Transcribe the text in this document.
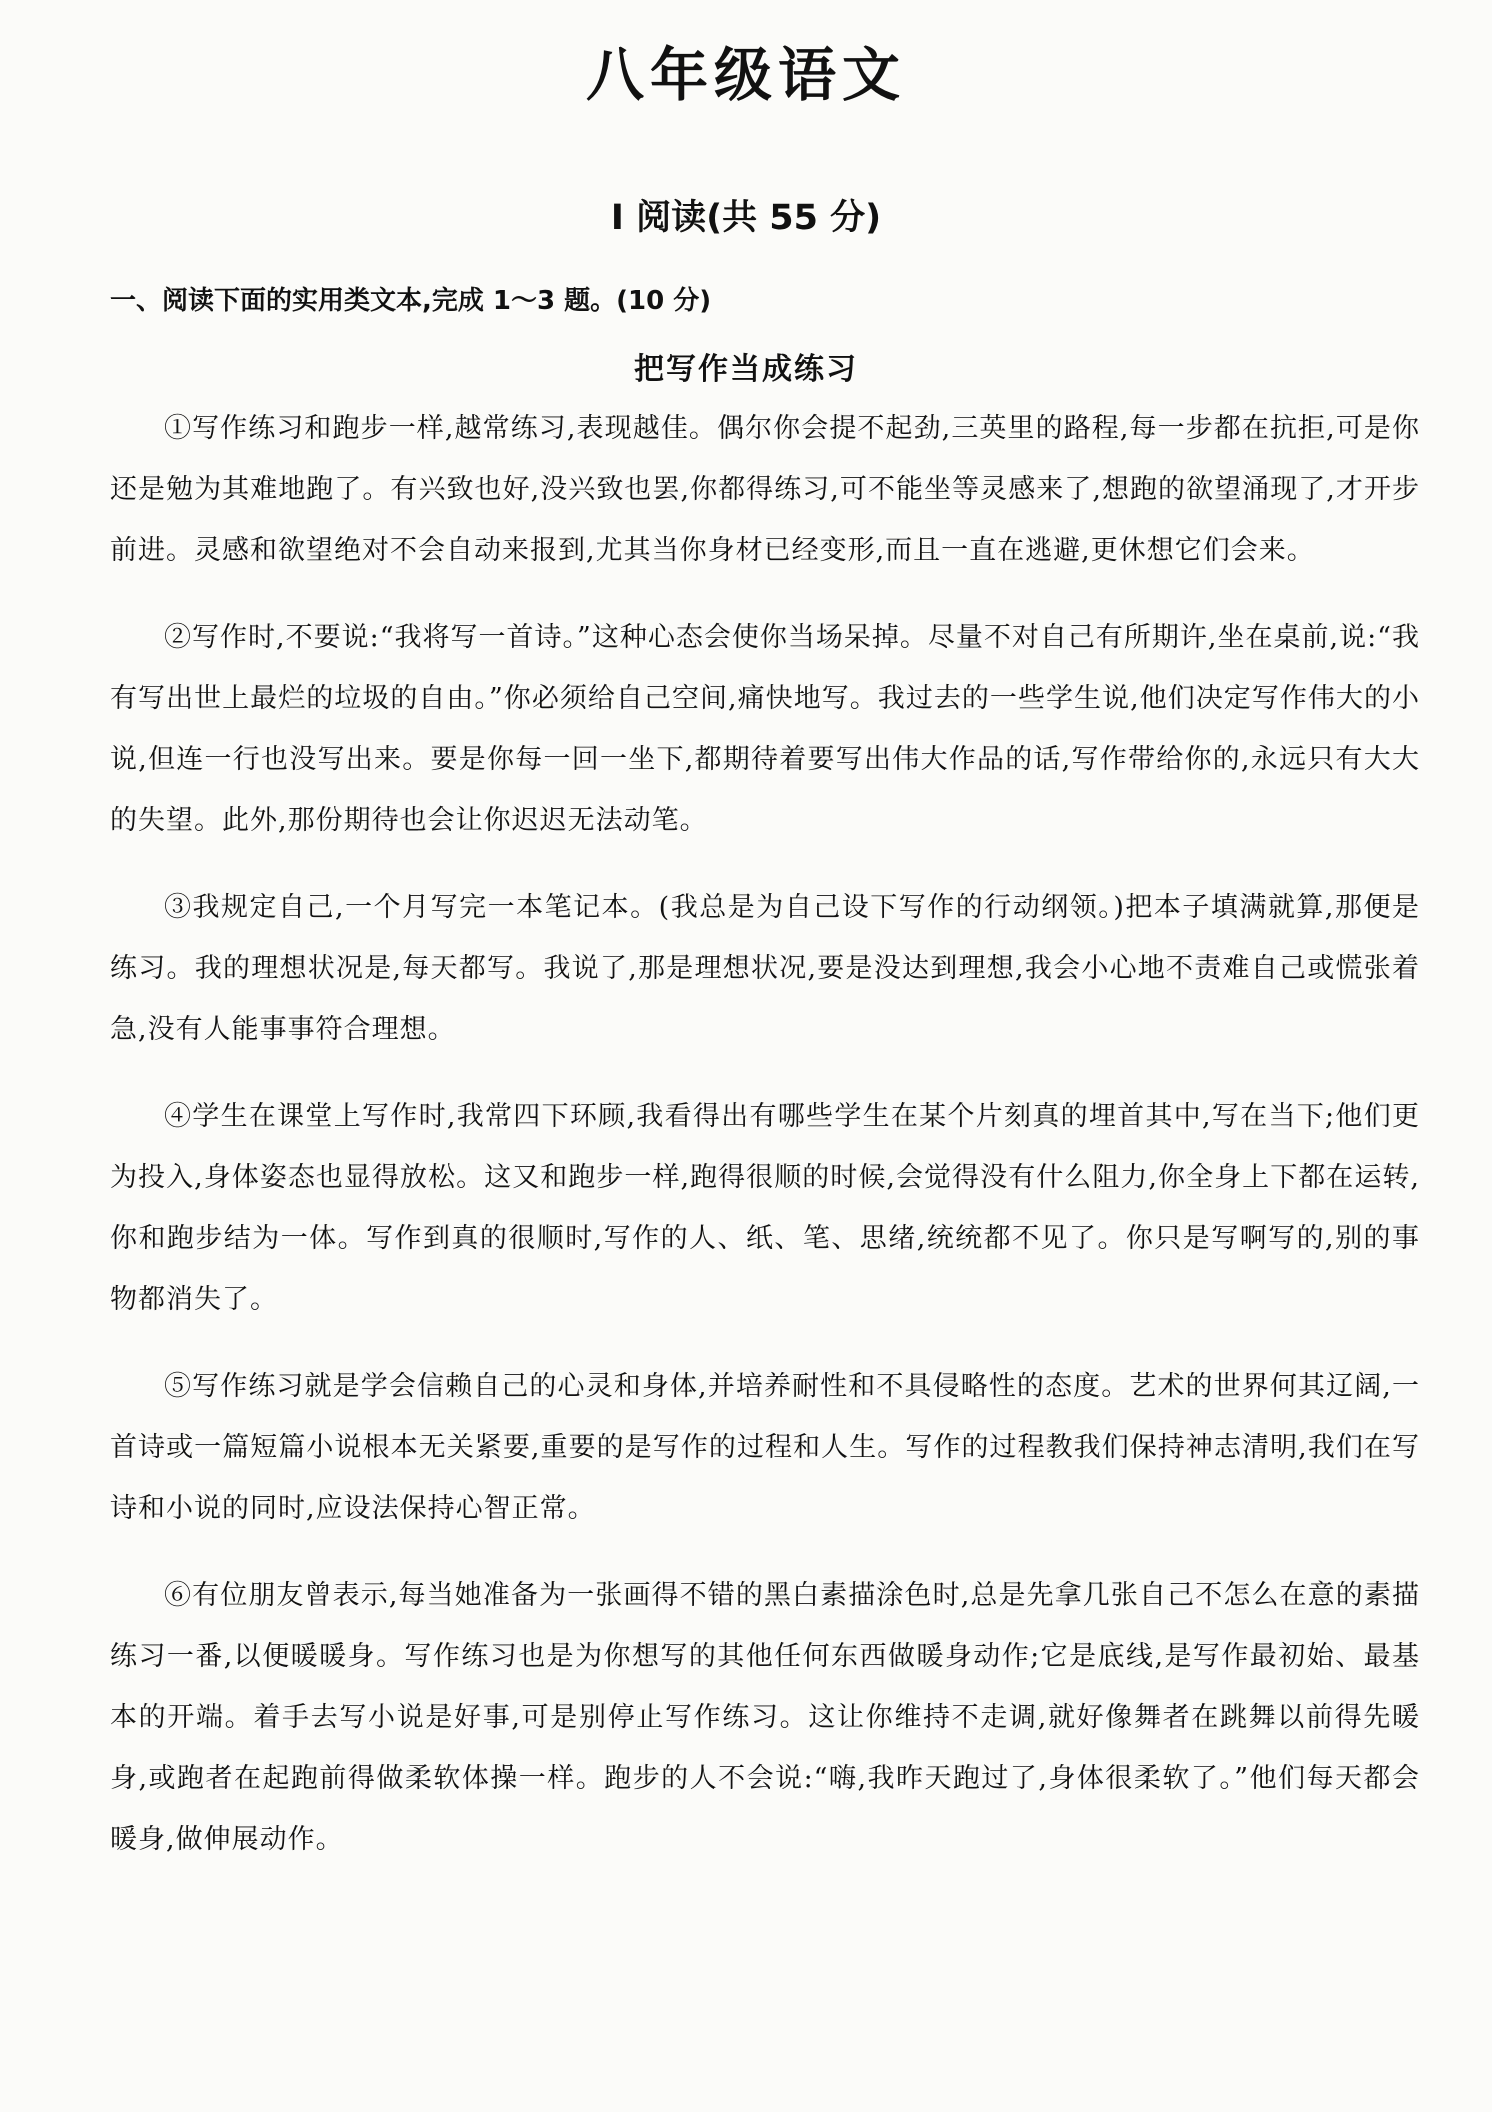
八年级语文
Ⅰ 阅读(共 55 分)

一、阅读下面的实用类文本,完成 1～3 题。(10 分)

把写作当成练习

①写作练习和跑步一样,越常练习,表现越佳。偶尔你会提不起劲,三英里的路程,每一步都在抗拒,可是你还是勉为其难地跑了。有兴致也好,没兴致也罢,你都得练习,可不能坐等灵感来了,想跑的欲望涌现了,才开步前进。灵感和欲望绝对不会自动来报到,尤其当你身材已经变形,而且一直在逃避,更休想它们会来。

②写作时,不要说:“我将写一首诗。”这种心态会使你当场呆掉。尽量不对自己有所期许,坐在桌前,说:“我有写出世上最烂的垃圾的自由。”你必须给自己空间,痛快地写。我过去的一些学生说,他们决定写作伟大的小说,但连一行也没写出来。要是你每一回一坐下,都期待着要写出伟大作品的话,写作带给你的,永远只有大大的失望。此外,那份期待也会让你迟迟无法动笔。

③我规定自己,一个月写完一本笔记本。(我总是为自己设下写作的行动纲领。)把本子填满就算,那便是练习。我的理想状况是,每天都写。我说了,那是理想状况,要是没达到理想,我会小心地不责难自己或慌张着急,没有人能事事符合理想。

④学生在课堂上写作时,我常四下环顾,我看得出有哪些学生在某个片刻真的埋首其中,写在当下;他们更为投入,身体姿态也显得放松。这又和跑步一样,跑得很顺的时候,会觉得没有什么阻力,你全身上下都在运转,你和跑步结为一体。写作到真的很顺时,写作的人、纸、笔、思绪,统统都不见了。你只是写啊写的,别的事物都消失了。

⑤写作练习就是学会信赖自己的心灵和身体,并培养耐性和不具侵略性的态度。艺术的世界何其辽阔,一首诗或一篇短篇小说根本无关紧要,重要的是写作的过程和人生。写作的过程教我们保持神志清明,我们在写诗和小说的同时,应设法保持心智正常。

⑥有位朋友曾表示,每当她准备为一张画得不错的黑白素描涂色时,总是先拿几张自己不怎么在意的素描练习一番,以便暖暖身。写作练习也是为你想写的其他任何东西做暖身动作;它是底线,是写作最初始、最基本的开端。着手去写小说是好事,可是别停止写作练习。这让你维持不走调,就好像舞者在跳舞以前得先暖身,或跑者在起跑前得做柔软体操一样。跑步的人不会说:“嗨,我昨天跑过了,身体很柔软了。”他们每天都会暖身,做伸展动作。
